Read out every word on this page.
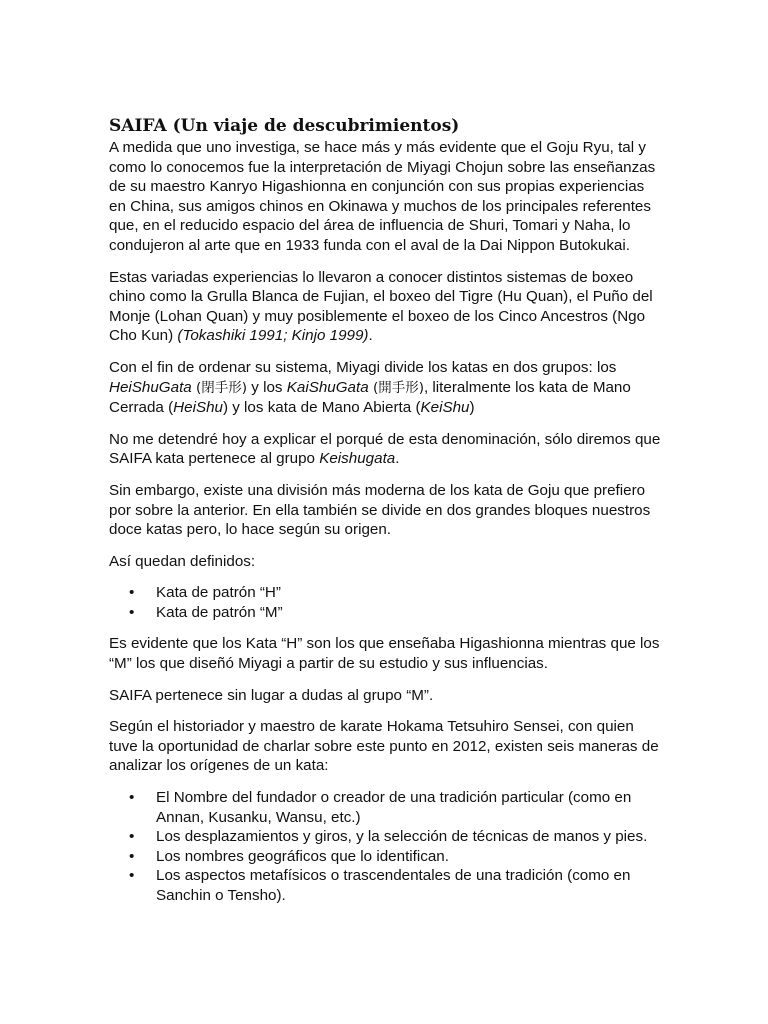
SAIFA (Un viaje de descubrimientos)

A medida que uno investiga, se hace más y más evidente que el Goju Ryu, tal y como lo conocemos fue la interpretación de Miyagi Chojun sobre las enseñanzas de su maestro Kanryo Higashionna en conjunción con sus propias experiencias en China, sus amigos chinos en Okinawa y muchos de los principales referentes que, en el reducido espacio del área de influencia de Shuri, Tomari y Naha, lo condujeron al arte que en 1933 funda con el aval de la Dai Nippon Butokukai.

Estas variadas experiencias lo llevaron a conocer distintos sistemas de boxeo chino como la Grulla Blanca de Fujian, el boxeo del Tigre (Hu Quan), el Puño del Monje (Lohan Quan) y muy posiblemente el boxeo de los Cinco Ancestros (Ngo Cho Kun) (Tokashiki 1991; Kinjo 1999).

Con el fin de ordenar su sistema, Miyagi divide los katas en dos grupos: los HeiShuGata (閉手形) y los KaiShuGata (開手形), literalmente los kata de Mano Cerrada (HeiShu) y los kata de Mano Abierta (KeiShu)

No me detendré hoy a explicar el porqué de esta denominación, sólo diremos que SAIFA kata pertenece al grupo Keishugata.

Sin embargo, existe una división más moderna de los kata de Goju que prefiero por sobre la anterior. En ella también se divide en dos grandes bloques nuestros doce katas pero, lo hace según su origen.

Así quedan definidos:

• Kata de patrón “H”
• Kata de patrón “M”

Es evidente que los Kata “H” son los que enseñaba Higashionna mientras que los “M” los que diseñó Miyagi a partir de su estudio y sus influencias.

SAIFA pertenece sin lugar a dudas al grupo “M”.

Según el historiador y maestro de karate Hokama Tetsuhiro Sensei, con quien tuve la oportunidad de charlar sobre este punto en 2012, existen seis maneras de analizar los orígenes de un kata:

• El Nombre del fundador o creador de una tradición particular (como en Annan, Kusanku, Wansu, etc.)
• Los desplazamientos y giros, y la selección de técnicas de manos y pies.
• Los nombres geográficos que lo identifican.
• Los aspectos metafísicos o trascendentales de una tradición (como en Sanchin o Tensho).
